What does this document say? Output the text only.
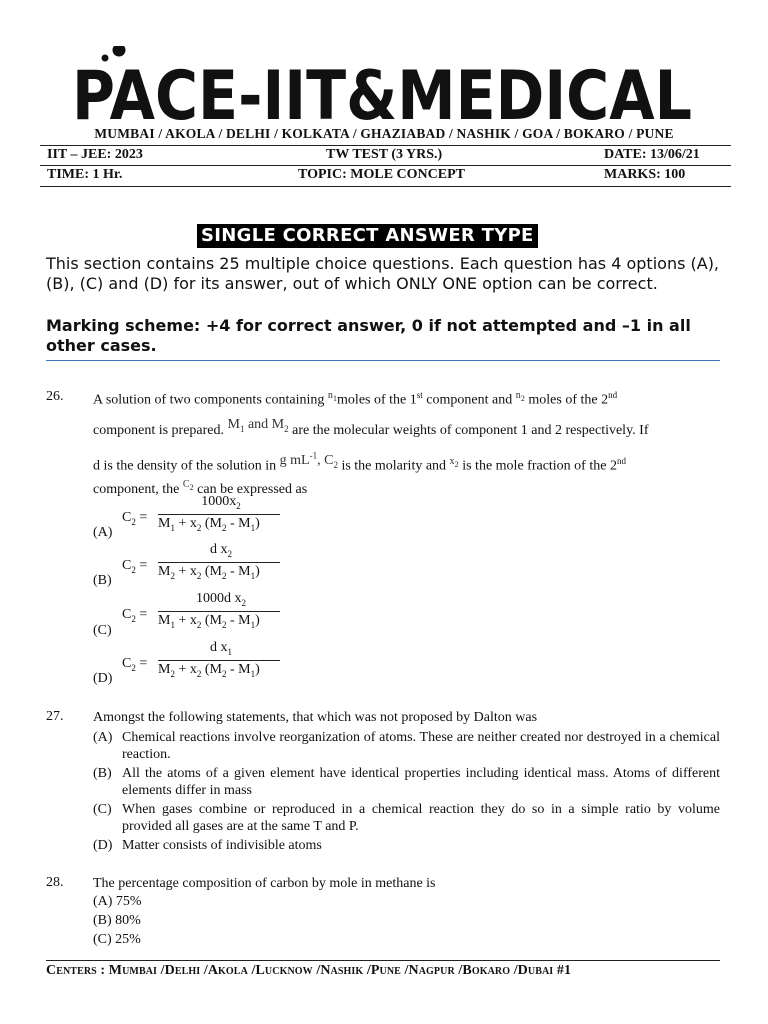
PACE-IIT&MEDICAL
MUMBAI / AKOLA / DELHI / KOLKATA / GHAZIABAD / NASHIK / GOA / BOKARO / PUNE
IIT – JEE: 2023	TW TEST (3 YRS.)	DATE: 13/06/21
TIME: 1 Hr.	TOPIC: MOLE CONCEPT	MARKS: 100
SINGLE CORRECT ANSWER TYPE
This section contains 25 multiple choice questions. Each question has 4 options (A), (B), (C) and (D) for its answer, out of which ONLY ONE option can be correct.
Marking scheme: +4 for correct answer, 0 if not attempted and –1 in all other cases.
26. A solution of two components containing $^{n_1}$moles of the 1st component and $^{n_2}$ moles of the 2nd
component is prepared. $M_1$ and $M_2$ are the molecular weights of component 1 and 2 respectively. If
d is the density of the solution in g $mL^{-1}$, $C_2$ is the molarity and $^{x_2}$ is the mole fraction of the 2nd
component, the $^{C_2}$ can be expressed as
(A)
$C_2$ =
$1000x_2$
$M_1 + x_2$ $(M_2 - M_1)$
(B)
$C_2$ =
d $x_2$
$M_2 + x_2$ $(M_2 - M_1)$
(C)
$C_2$ =
1000d $x_2$
$M_1 + x_2$ $(M_2 - M_1)$
(D)
$C_2$ =
d $x_1$
$M_2 + x_2$ $(M_2 - M_1)$
27. Amongst the following statements, that which was not proposed by Dalton was
(A) Chemical reactions involve reorganization of atoms. These are neither created nor destroyed in a chemical reaction.
(B) All the atoms of a given element have identical properties including identical mass. Atoms of different elements differ in mass
(C) When gases combine or reproduced in a chemical reaction they do so in a simple ratio by volume provided all gases are at the same T and P.
(D) Matter consists of indivisible atoms
28. The percentage composition of carbon by mole in methane is
(A) 75%
(B) 80%
(C) 25%
Centers : Mumbai /Delhi /Akola /Lucknow /Nashik /Pune /Nagpur /Bokaro /Dubai #1
